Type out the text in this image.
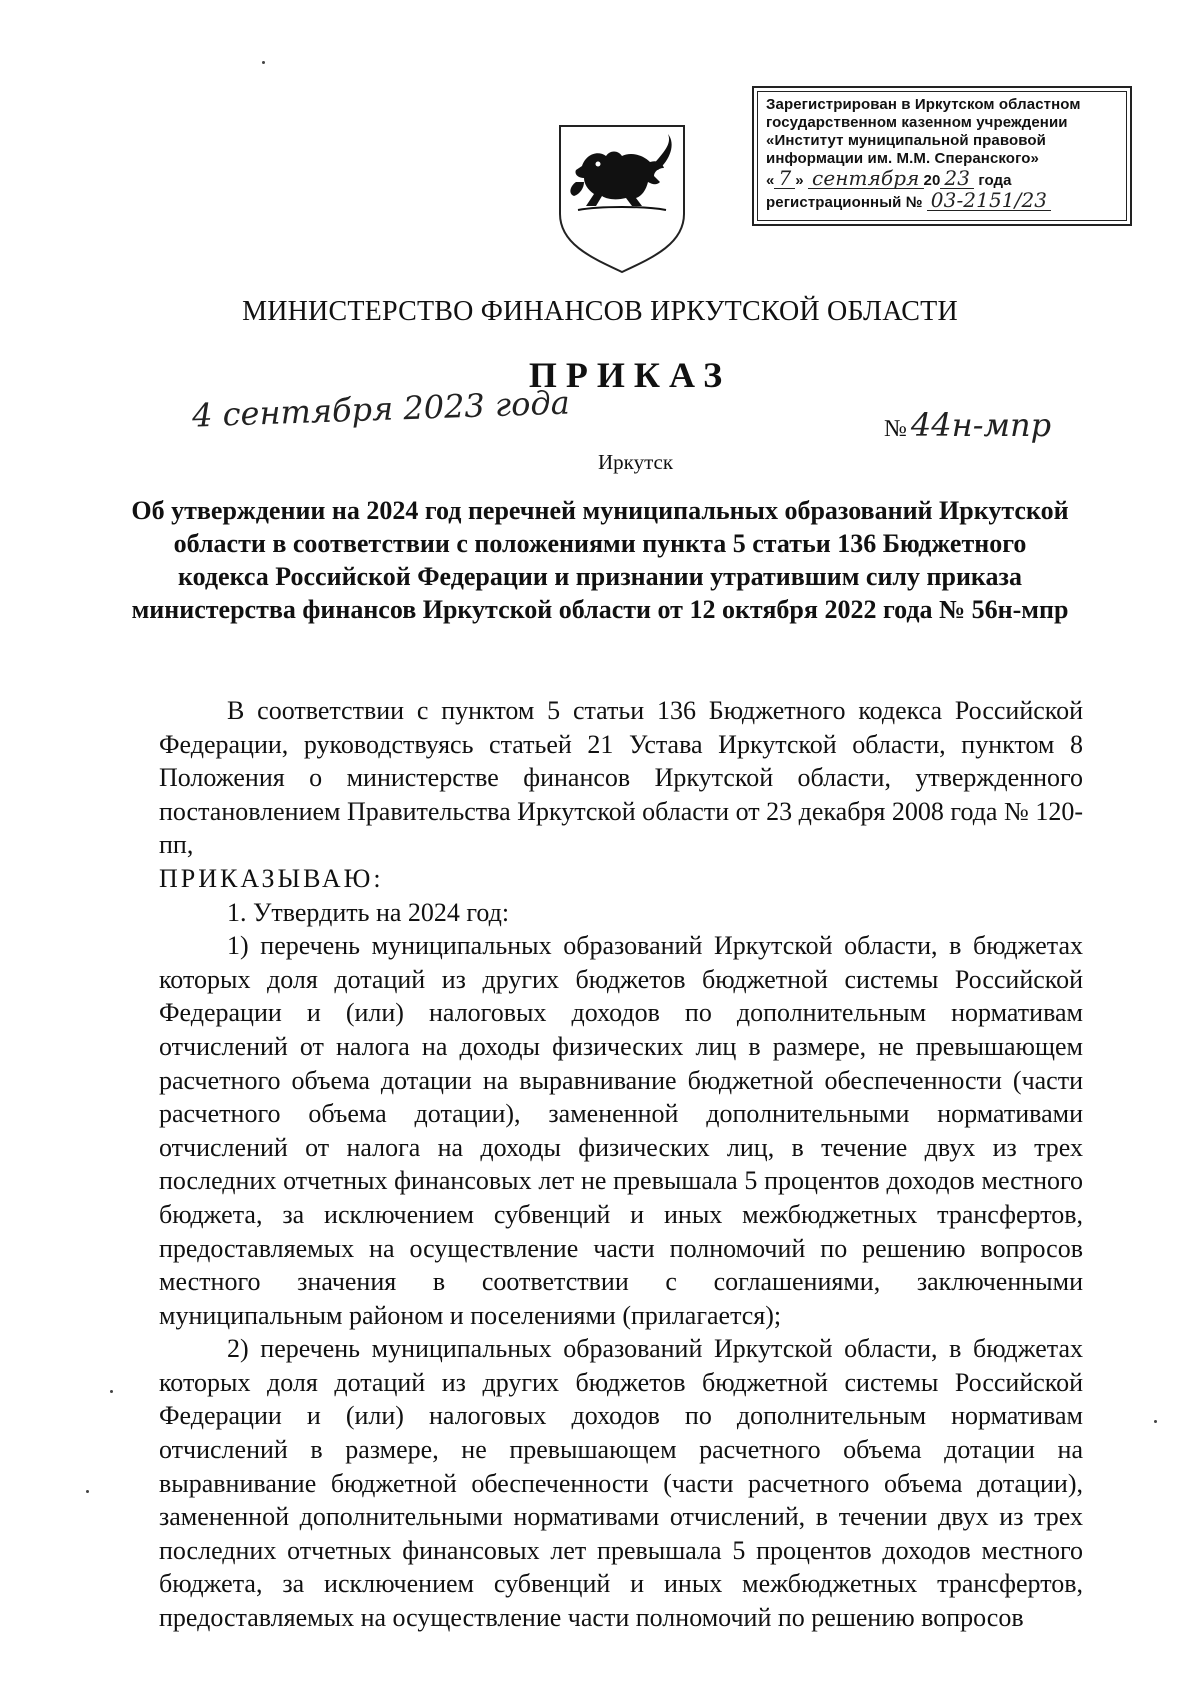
Зарегистрирован в Иркутском областном
государственном казенном учреждении
«Институт муниципальной правовой
информации им. М.М. Сперанского»
« 7 » сентября 20 23 года
регистрационный № 03-2151/23
МИНИСТЕРСТВО ФИНАНСОВ ИРКУТСКОЙ ОБЛАСТИ
ПРИКАЗ
4 сентября 2023 года	№ 44н-мпр
Иркутск
Об утверждении на 2024 год перечней муниципальных образований Иркутской области в соответствии с положениями пункта 5 статьи 136 Бюджетного кодекса Российской Федерации и признании утратившим силу приказа министерства финансов Иркутской области от 12 октября 2022 года № 56н-мпр

В соответствии с пунктом 5 статьи 136 Бюджетного кодекса Российской Федерации, руководствуясь статьей 21 Устава Иркутской области, пунктом 8 Положения о министерстве финансов Иркутской области, утвержденного постановлением Правительства Иркутской области от 23 декабря 2008 года № 120-пп,

ПРИКАЗЫВАЮ:

1. Утвердить на 2024 год:

1) перечень муниципальных образований Иркутской области, в бюджетах которых доля дотаций из других бюджетов бюджетной системы Российской Федерации и (или) налоговых доходов по дополнительным нормативам отчислений от налога на доходы физических лиц в размере, не превышающем расчетного объема дотации на выравнивание бюджетной обеспеченности (части расчетного объема дотации), замененной дополнительными нормативами отчислений от налога на доходы физических лиц, в течение двух из трех последних отчетных финансовых лет не превышала 5 процентов доходов местного бюджета, за исключением субвенций и иных межбюджетных трансфертов, предоставляемых на осуществление части полномочий по решению вопросов местного значения в соответствии с соглашениями, заключенными муниципальным районом и поселениями (прилагается);

2) перечень муниципальных образований Иркутской области, в бюджетах которых доля дотаций из других бюджетов бюджетной системы Российской Федерации и (или) налоговых доходов по дополнительным нормативам отчислений в размере, не превышающем расчетного объема дотации на выравнивание бюджетной обеспеченности (части расчетного объема дотации), замененной дополнительными нормативами отчислений, в течении двух из трех последних отчетных финансовых лет превышала 5 процентов доходов местного бюджета, за исключением субвенций и иных межбюджетных трансфертов, предоставляемых на осуществление части полномочий по решению вопросов
